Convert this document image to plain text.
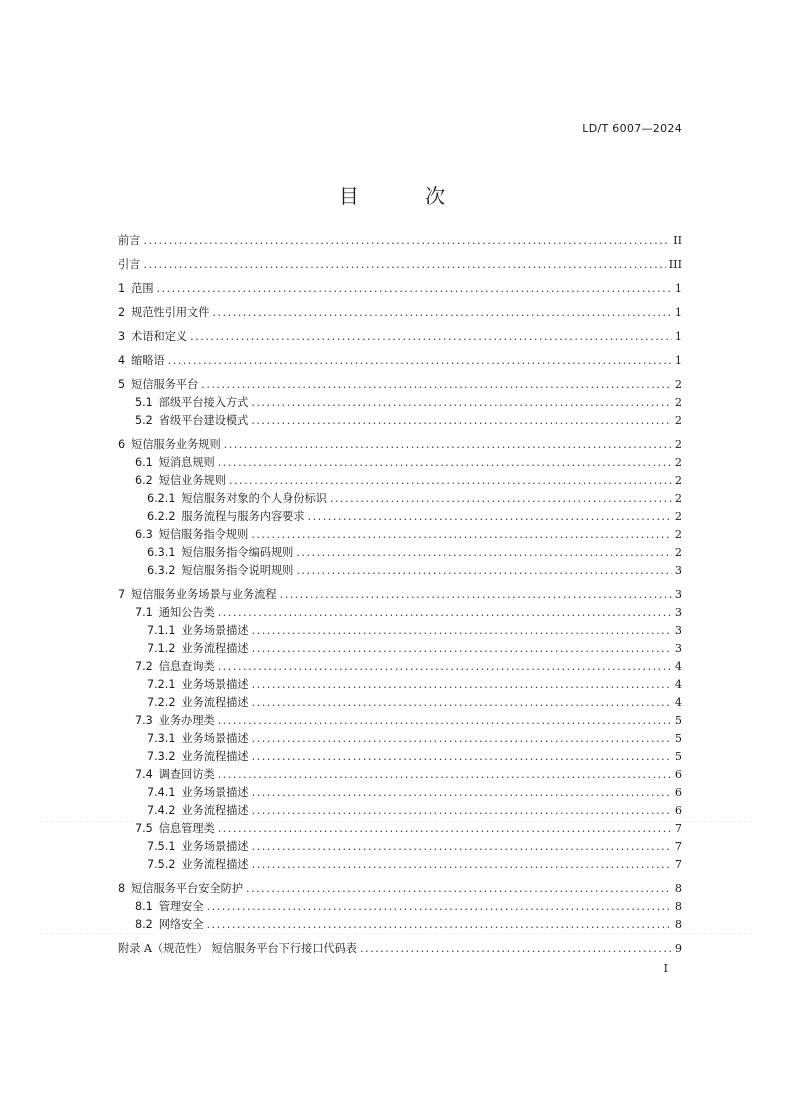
LD/T 6007—2024
目 次
前言 .....	II
引言 .....	III
1 范围 .....	1
2 规范性引用文件 .....	1
3 术语和定义 .....	1
4 缩略语 .....	1
5 短信服务平台 .....	2
5.1 部级平台接入方式 .....	2
5.2 省级平台建设模式 .....	2
6 短信服务业务规则 .....	2
6.1 短消息规则 .....	2
6.2 短信业务规则 .....	2
6.2.1 短信服务对象的个人身份标识 .....	2
6.2.2 服务流程与服务内容要求 .....	2
6.3 短信服务指令规则 .....	2
6.3.1 短信服务指令编码规则 .....	2
6.3.2 短信服务指令说明规则 .....	3
7 短信服务业务场景与业务流程 .....	3
7.1 通知公告类 .....	3
7.1.1 业务场景描述 .....	3
7.1.2 业务流程描述 .....	3
7.2 信息查询类 .....	4
7.2.1 业务场景描述 .....	4
7.2.2 业务流程描述 .....	4
7.3 业务办理类 .....	5
7.3.1 业务场景描述 .....	5
7.3.2 业务流程描述 .....	5
7.4 调查回访类 .....	6
7.4.1 业务场景描述 .....	6
7.4.2 业务流程描述 .....	6
7.5 信息管理类 .....	7
7.5.1 业务场景描述 .....	7
7.5.2 业务流程描述 .....	7
8 短信服务平台安全防护 .....	8
8.1 管理安全 .....	8
8.2 网络安全 .....	8
附录 A（规范性） 短信服务平台下行接口代码表 .....	9
I
